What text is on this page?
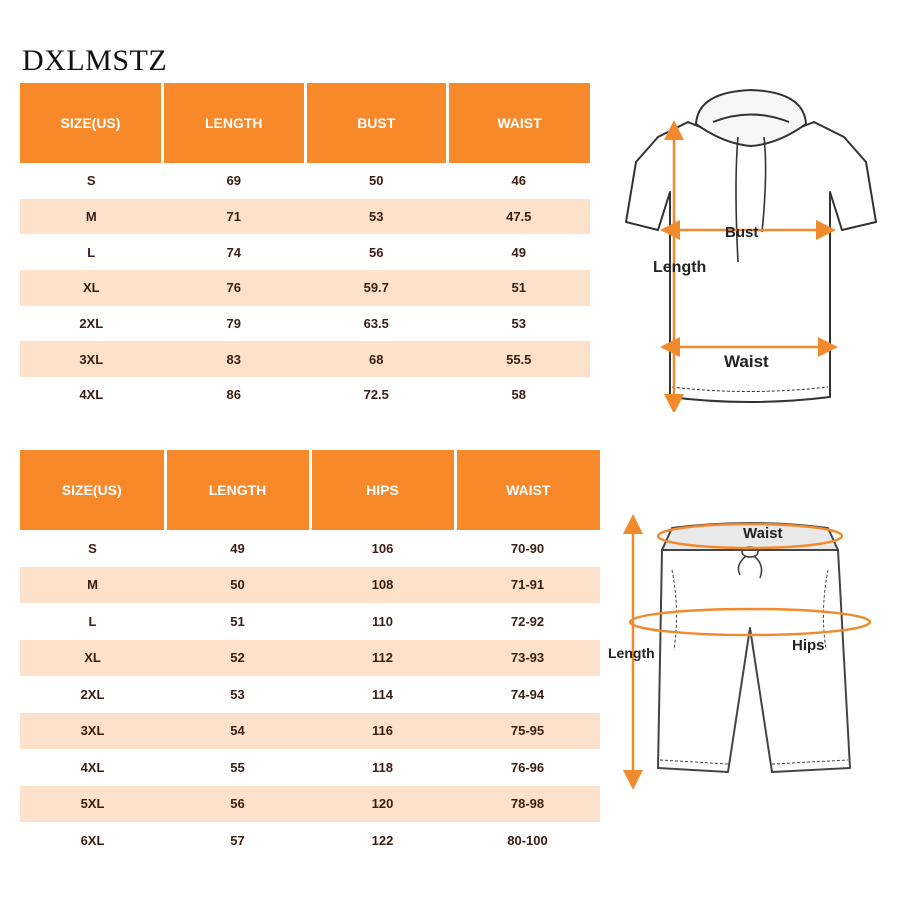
DXLMSTZ
SIZE(US)	LENGTH	BUST	WAIST
S	69	50	46
M	71	53	47.5
L	74	56	49
XL	76	59.7	51
2XL	79	63.5	53
3XL	83	68	55.5
4XL	86	72.5	58
SIZE(US)	LENGTH	HIPS	WAIST
S	49	106	70-90
M	50	108	71-91
L	51	110	72-92
XL	52	112	73-93
2XL	53	114	74-94
3XL	54	116	75-95
4XL	55	118	76-96
5XL	56	120	78-98
6XL	57	122	80-100
Bust
Length
Waist
Waist
Hips
Length
